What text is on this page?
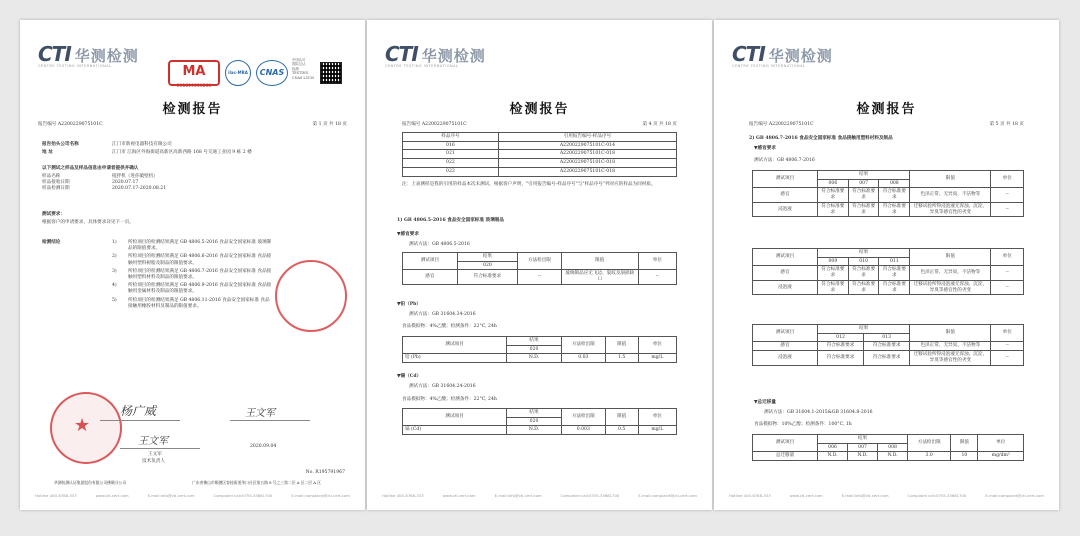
CTI 华测检测
CENTRE TESTING INTERNATIONAL	MA
201819013268
ilac-MRA	CNAS
中国认可
国际互认
检测
TESTING
CNAS L5130
检测报告
报告编号 A2200229075101C	第 1 页 共 18 页
报告抬头公司名称	江门市新视电器科技有限公司
地 址	江门市 江海区外海街道高新区高新西路 168 号交通工业园 9 栋 2 楼
以下测试之样品及样品信息由申请者提供并确认
样品名称	搅拌机（进你破壁机）
样品接收日期	2020.07.17
样品检测日期	2020.07.17-2020.08.21
测试要求：
根据客户的申请要求，具体要求详见下一页。
检测结论	1)	所检项目的检测结果满足 GB 4806.5-2016 食品安全国家标准 玻璃制品的限值要求。
2)	所检项目的检测结果满足 GB 4806.6-2016 食品安全国家标准 食品接触用塑料树脂及制品的限值要求。
3)	所检项目的检测结果满足 GB 4806.7-2016 食品安全国家标准 食品接触用塑料材料及制品的限值要求。
4)	所检项目的检测结果满足 GB 4806.9-2016 食品安全国家标准 食品接触用金属材料及制品的限值要求。
5)	所检项目的检测结果满足 GB 4806.11-2016 食品安全国家标准 食品接触用橡胶材料及制品的限值要求。
★
杨广威	王文军
王文军	2020.09.04
王文军
技术负责人
No. R195791967
华测检测认证集团股份有限公司佛顺分公司	广东省佛山市顺德区容桂街道华口社区第五路 8 号之三第二层 A 区二层 A 区
Hotline 400-6788-333	www.cti-cert.com	E-mail:info@cti-cert.com	Complaint call:0755-33681700	E-mail:complaint@cti-cert.com
CTI 华测检测
CENTRE TESTING INTERNATIONAL
检测报告
报告编号 A2200229075101C	第 4 页 共 18 页
样品序号	引用报告编号-样品序号
016	A2200229075101C-014
021	A2200229075101C-018
022	A2200229075101C-018
023	A2200229075101C-018
注：上表测样是我的引用的样品本次未测试，根据客户声明，"引用报告编号-样品序号"与"样品序号"列对应的样品为同材质。
1) GB 4806.5-2016 食品安全国家标准 玻璃制品
▼感官要求
测试方法：GB 4806.5-2016
测试项目	结果	方法检出限	限值	单位
	020			
感官	符合标准要求	--	玻璃制品应无飞边、裂纹及崩损缺口	--
▼铅（Pb）
测试方法：GB 31604.34-2016
食品模拟物：4%乙酸；检测条件：22°C, 24h
测试项目	结果	方法检出限	限值	单位
	020			
铅 (Pb)	N.D.	0.03	1.5	mg/L
▼镉（Cd）
测试方法：GB 31604.24-2016
食品模拟物：4%乙酸；检测条件：22°C, 24h
测试项目	结果	方法检出限	限值	单位
	020			
镉 (Cd)	N.D.	0.003	0.5	mg/L
Hotline 400-6788-333	www.cti-cert.com	E-mail:info@cti-cert.com	Complaint call:0755-33681700	E-mail:complaint@cti-cert.com
CTI 华测检测
CENTRE TESTING INTERNATIONAL
检测报告
报告编号 A2200229075101C	第 5 页 共 18 页
2) GB 4806.7-2016 食品安全国家标准 食品接触用塑料材料及制品
▼感官要求
测试方法：GB 4806.7-2016
测试项目	结果			限值	单位
	006	007	008		
感官	符合标准要求	符合标准要求	符合标准要求	色泽正常、无异臭、不洁物等	--
浸泡液	符合标准要求	符合标准要求	符合标准要求	迁移试验所得浸泡液无浑浊、沉淀、异臭等感官性的劣变	--
测试项目	结果			限值	单位
	009	010	011		
感官	符合标准要求	符合标准要求	符合标准要求	色泽正常、无异臭、不洁物等	--
浸泡液	符合标准要求	符合标准要求	符合标准要求	迁移试验所得浸泡液无浑浊、沉淀、异臭等感官性的劣变	--
测试项目	结果		限值	单位
	012	013		
感官	符合标准要求	符合标准要求	色泽正常、无异臭、不洁物等	--
浸泡液	符合标准要求	符合标准要求	迁移试验所得浸泡液无浑浊、沉淀、异臭等感官性的劣变	--
▼总迁移量
测试方法：GB 31604.1-2015&GB 31604.8-2016
食品模拟物：10%乙醇；检测条件：100°C, 1h
测试项目	结果			方法检出限	限值	单位
	006	007	008			
总迁移量	N.D.	N.D.	N.D.	3.0	10	mg/dm²
Hotline 400-6788-333	www.cti-cert.com	E-mail:info@cti-cert.com	Complaint call:0755-33681700	E-mail:complaint@cti-cert.com
